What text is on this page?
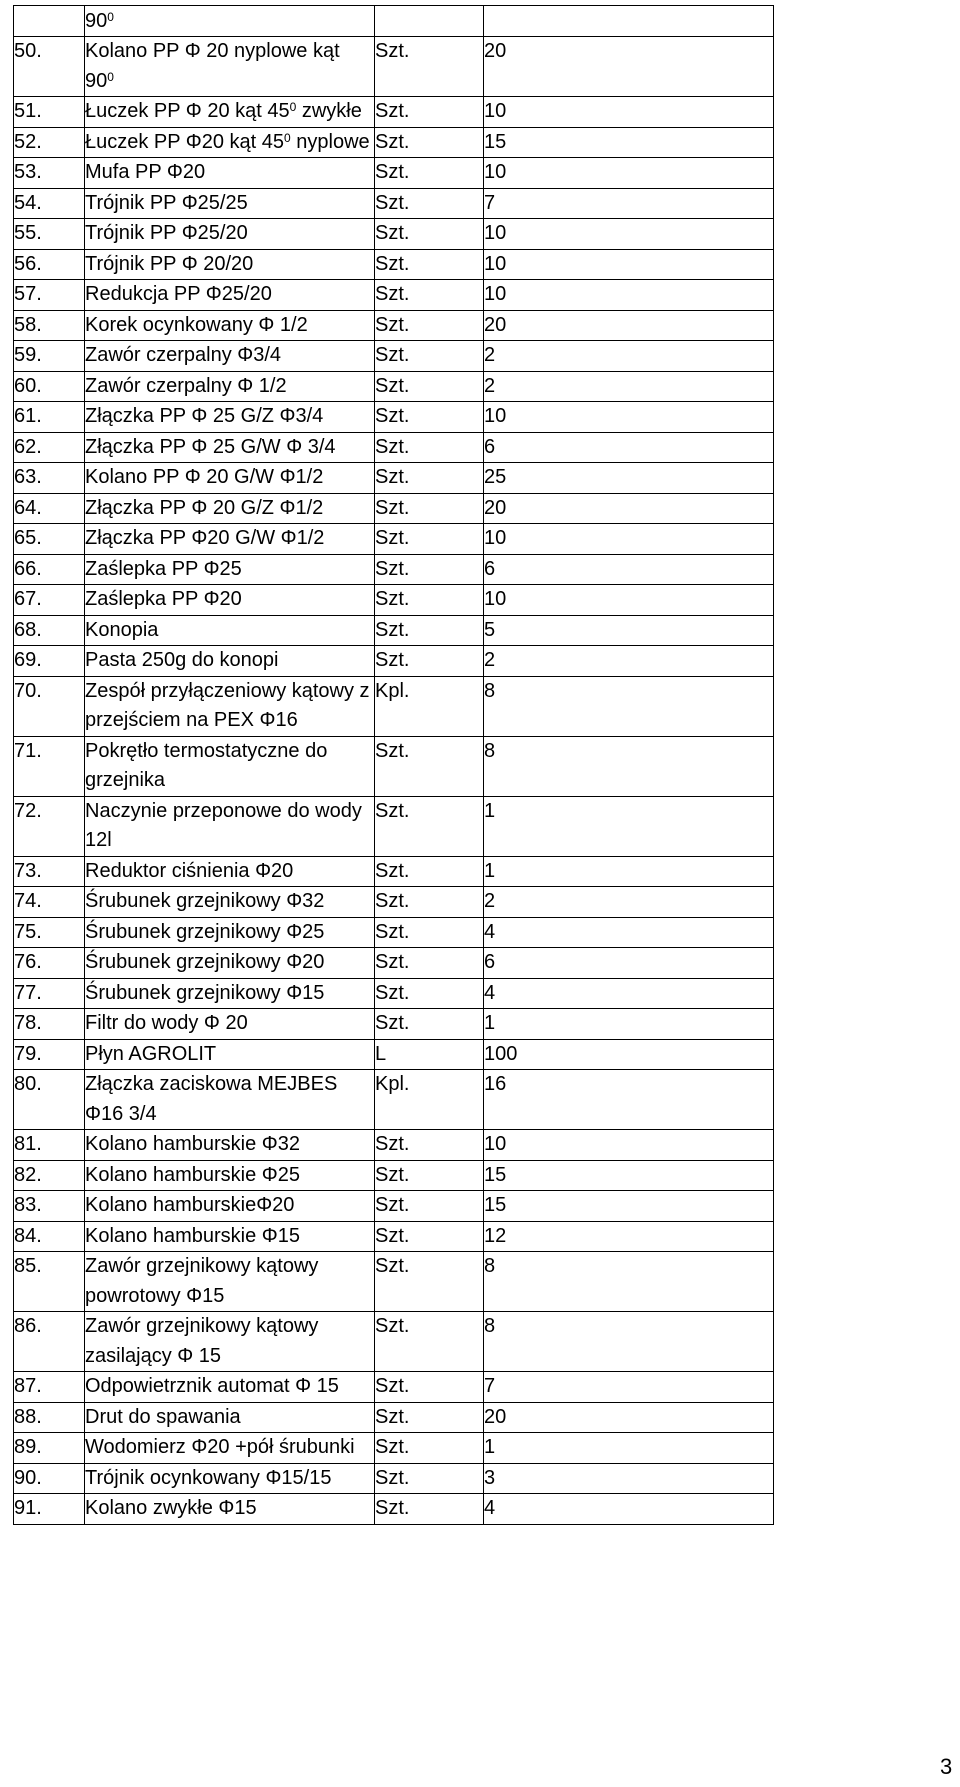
	$90^0$		
50.	Kolano PP Φ 20 nyplowe kąt $90^0$	Szt.	20
51.	Łuczek PP Φ 20 kąt $45^0$ zwykłe	Szt.	10
52.	Łuczek PP Φ20 kąt $45^0$ nyplowe	Szt.	15
53.	Mufa PP Φ20	Szt.	10
54.	Trójnik PP Φ25/25	Szt.	7
55.	Trójnik PP Φ25/20	Szt.	10
56.	Trójnik PP Φ 20/20	Szt.	10
57.	Redukcja PP Φ25/20	Szt.	10
58.	Korek ocynkowany Φ 1/2	Szt.	20
59.	Zawór czerpalny Φ3/4	Szt.	2
60.	Zawór czerpalny Φ 1/2	Szt.	2
61.	Złączka PP Φ 25 G/Z Φ3/4	Szt.	10
62.	Złączka PP Φ 25 G/W Φ 3/4	Szt.	6
63.	Kolano PP Φ 20 G/W Φ1/2	Szt.	25
64.	Złączka PP Φ 20 G/Z Φ1/2	Szt.	20
65.	Złączka PP Φ20 G/W Φ1/2	Szt.	10
66.	Zaślepka PP Φ25	Szt.	6
67.	Zaślepka PP Φ20	Szt.	10
68.	Konopia	Szt.	5
69.	Pasta 250g do konopi	Szt.	2
70.	Zespół przyłączeniowy kątowy z przejściem na PEX Φ16	Kpl.	8
71.	Pokrętło termostatyczne do grzejnika	Szt.	8
72.	Naczynie przeponowe do wody 12l	Szt.	1
73.	Reduktor ciśnienia Φ20	Szt.	1
74.	Śrubunek grzejnikowy Φ32	Szt.	2
75.	Śrubunek grzejnikowy Φ25	Szt.	4
76.	Śrubunek grzejnikowy Φ20	Szt.	6
77.	Śrubunek grzejnikowy Φ15	Szt.	4
78.	Filtr do wody Φ 20	Szt.	1
79.	Płyn AGROLIT	L	100
80.	Złączka zaciskowa MEJBES Φ16 3/4	Kpl.	16
81.	Kolano hamburskie Φ32	Szt.	10
82.	Kolano hamburskie Φ25	Szt.	15
83.	Kolano hamburskieΦ20	Szt.	15
84.	Kolano hamburskie Φ15	Szt.	12
85.	Zawór grzejnikowy kątowy powrotowy Φ15	Szt.	8
86.	Zawór grzejnikowy kątowy zasilający Φ 15	Szt.	8
87.	Odpowietrznik automat Φ 15	Szt.	7
88.	Drut do spawania	Szt.	20
89.	Wodomierz Φ20 +pół śrubunki	Szt.	1
90.	Trójnik ocynkowany Φ15/15	Szt.	3
91.	Kolano zwykłe Φ15	Szt.	4
3
